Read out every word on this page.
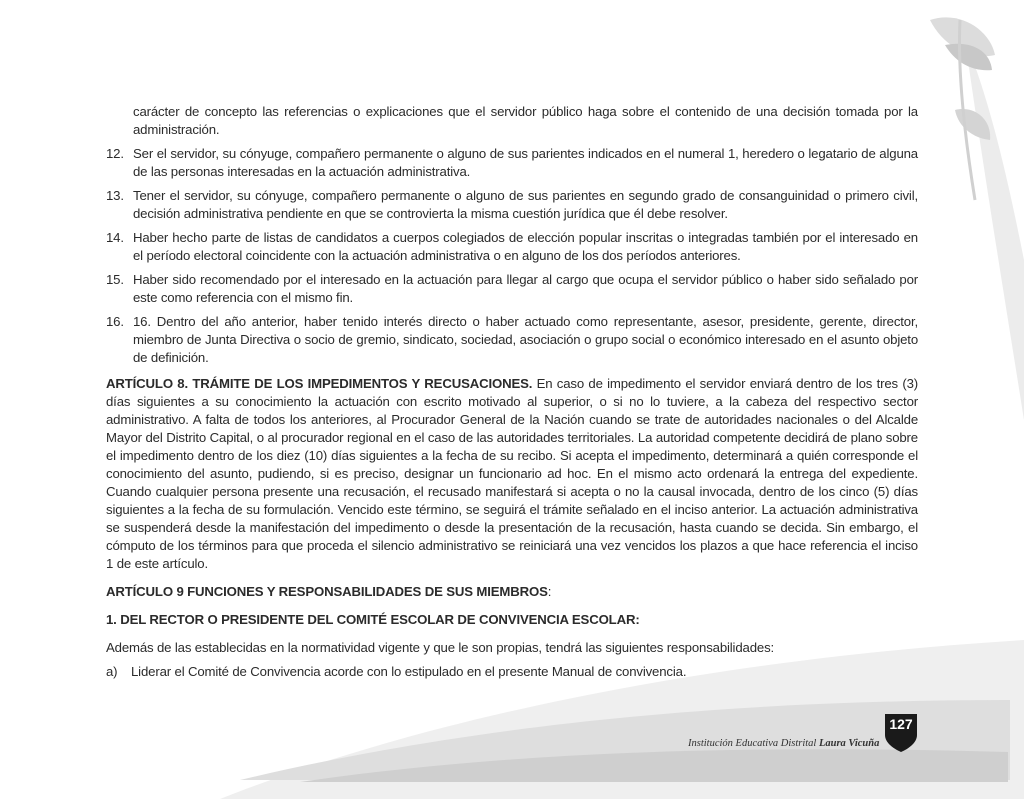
carácter de concepto las referencias o explicaciones que el servidor público haga sobre el contenido de una decisión tomada por la administración.

12. Ser el servidor, su cónyuge, compañero permanente o alguno de sus parientes indicados en el numeral 1, heredero o legatario de alguna de las personas interesadas en la actuación administrativa.
13. Tener el servidor, su cónyuge, compañero permanente o alguno de sus parientes en segundo grado de consanguinidad o primero civil, decisión administrativa pendiente en que se controvierta la misma cuestión jurídica que él debe resolver.
14. Haber hecho parte de listas de candidatos a cuerpos colegiados de elección popular inscritas o integradas también por el interesado en el período electoral coincidente con la actuación administrativa o en alguno de los dos períodos anteriores.
15. Haber sido recomendado por el interesado en la actuación para llegar al cargo que ocupa el servidor público o haber sido señalado por este como referencia con el mismo fin.
16. 16. Dentro del año anterior, haber tenido interés directo o haber actuado como representante, asesor, presidente, gerente, director, miembro de Junta Directiva o socio de gremio, sindicato, sociedad, asociación o grupo social o económico interesado en el asunto objeto de definición.

ARTÍCULO 8. TRÁMITE DE LOS IMPEDIMENTOS Y RECUSACIONES. En caso de impedimento el servidor enviará dentro de los tres (3) días siguientes a su conocimiento la actuación con escrito motivado al superior, o si no lo tuviere, a la cabeza del respectivo sector administrativo. A falta de todos los anteriores, al Procurador General de la Nación cuando se trate de autoridades nacionales o del Alcalde Mayor del Distrito Capital, o al procurador regional en el caso de las autoridades territoriales. La autoridad competente decidirá de plano sobre el impedimento dentro de los diez (10) días siguientes a la fecha de su recibo. Si acepta el impedimento, determinará a quién corresponde el conocimiento del asunto, pudiendo, si es preciso, designar un funcionario ad hoc. En el mismo acto ordenará la entrega del expediente. Cuando cualquier persona presente una recusación, el recusado manifestará si acepta o no la causal invocada, dentro de los cinco (5) días siguientes a la fecha de su formulación. Vencido este término, se seguirá el trámite señalado en el inciso anterior. La actuación administrativa se suspenderá desde la manifestación del impedimento o desde la presentación de la recusación, hasta cuando se decida. Sin embargo, el cómputo de los términos para que proceda el silencio administrativo se reiniciará una vez vencidos los plazos a que hace referencia el inciso 1 de este artículo.

ARTÍCULO 9 FUNCIONES Y RESPONSABILIDADES DE SUS MIEMBROS:

1. DEL RECTOR O PRESIDENTE DEL COMITÉ ESCOLAR DE CONVIVENCIA ESCOLAR:

Además de las establecidas en la normatividad vigente y que le son propias, tendrá las siguientes responsabilidades:

a) Liderar el Comité de Convivencia acorde con lo estipulado en el presente Manual de convivencia.

Institución Educativa Distrital Laura Vicuña
127
